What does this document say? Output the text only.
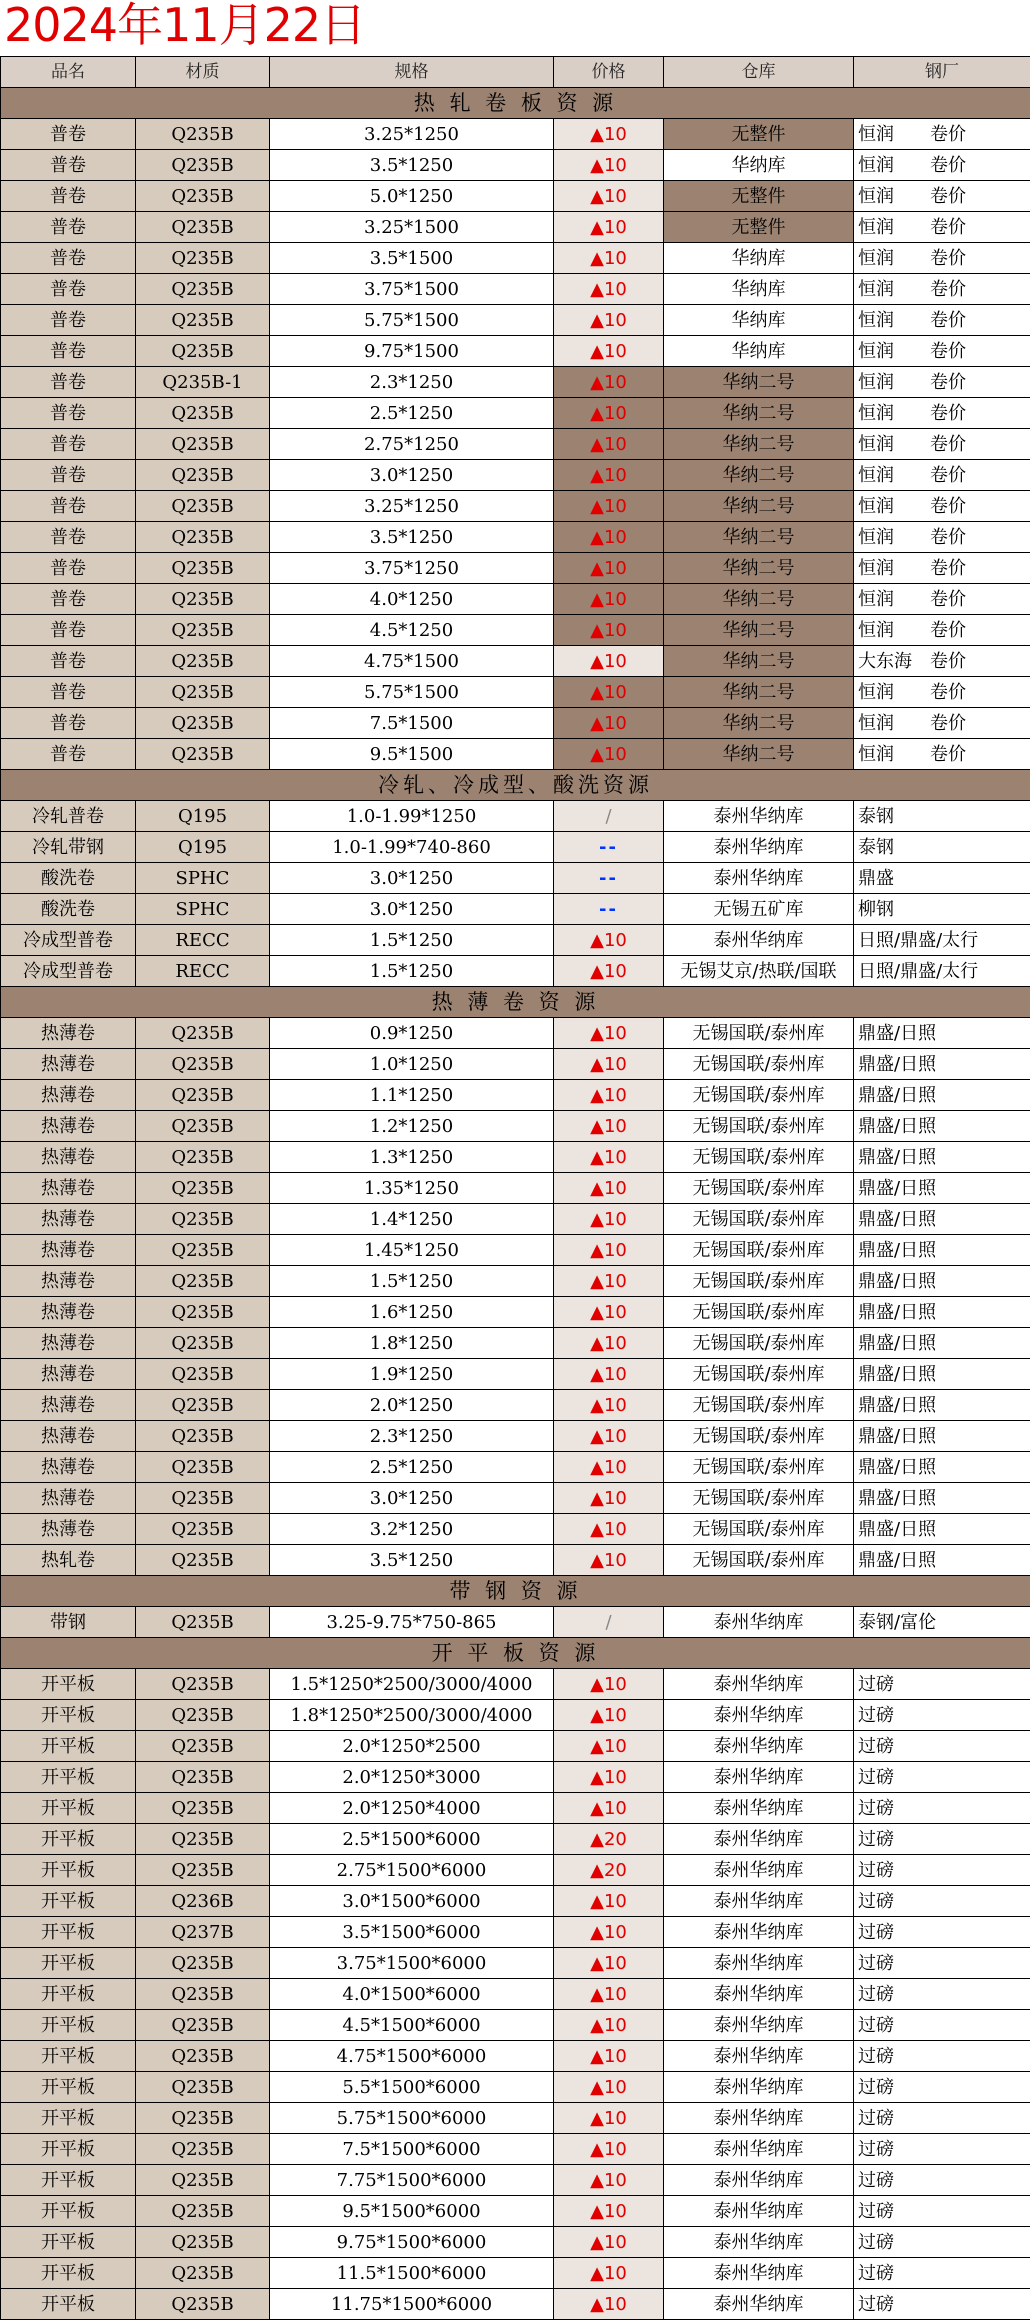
2024年11月22日
品名	材质	规格	价格	仓库	钢厂
热 轧 卷 板 资 源					
普卷	Q235B	3.25*1250	▲10	无整件	恒润　　卷价
普卷	Q235B	3.5*1250	▲10	华纳库	恒润　　卷价
普卷	Q235B	5.0*1250	▲10	无整件	恒润　　卷价
普卷	Q235B	3.25*1500	▲10	无整件	恒润　　卷价
普卷	Q235B	3.5*1500	▲10	华纳库	恒润　　卷价
普卷	Q235B	3.75*1500	▲10	华纳库	恒润　　卷价
普卷	Q235B	5.75*1500	▲10	华纳库	恒润　　卷价
普卷	Q235B	9.75*1500	▲10	华纳库	恒润　　卷价
普卷	Q235B-1	2.3*1250	▲10	华纳二号	恒润　　卷价
普卷	Q235B	2.5*1250	▲10	华纳二号	恒润　　卷价
普卷	Q235B	2.75*1250	▲10	华纳二号	恒润　　卷价
普卷	Q235B	3.0*1250	▲10	华纳二号	恒润　　卷价
普卷	Q235B	3.25*1250	▲10	华纳二号	恒润　　卷价
普卷	Q235B	3.5*1250	▲10	华纳二号	恒润　　卷价
普卷	Q235B	3.75*1250	▲10	华纳二号	恒润　　卷价
普卷	Q235B	4.0*1250	▲10	华纳二号	恒润　　卷价
普卷	Q235B	4.5*1250	▲10	华纳二号	恒润　　卷价
普卷	Q235B	4.75*1500	▲10	华纳二号	大东海　卷价
普卷	Q235B	5.75*1500	▲10	华纳二号	恒润　　卷价
普卷	Q235B	7.5*1500	▲10	华纳二号	恒润　　卷价
普卷	Q235B	9.5*1500	▲10	华纳二号	恒润　　卷价
冷轧、冷成型、酸洗资源					
冷轧普卷	Q195	1.0-1.99*1250	/	泰州华纳库	泰钢
冷轧带钢	Q195	1.0-1.99*740-860	--	泰州华纳库	泰钢
酸洗卷	SPHC	3.0*1250	--	泰州华纳库	鼎盛
酸洗卷	SPHC	3.0*1250	--	无锡五矿库	柳钢
冷成型普卷	RECC	1.5*1250	▲10	泰州华纳库	日照/鼎盛/太行
冷成型普卷	RECC	1.5*1250	▲10	无锡艾京/热联/国联	日照/鼎盛/太行
热 薄 卷 资 源					
热薄卷	Q235B	0.9*1250	▲10	无锡国联/泰州库	鼎盛/日照
热薄卷	Q235B	1.0*1250	▲10	无锡国联/泰州库	鼎盛/日照
热薄卷	Q235B	1.1*1250	▲10	无锡国联/泰州库	鼎盛/日照
热薄卷	Q235B	1.2*1250	▲10	无锡国联/泰州库	鼎盛/日照
热薄卷	Q235B	1.3*1250	▲10	无锡国联/泰州库	鼎盛/日照
热薄卷	Q235B	1.35*1250	▲10	无锡国联/泰州库	鼎盛/日照
热薄卷	Q235B	1.4*1250	▲10	无锡国联/泰州库	鼎盛/日照
热薄卷	Q235B	1.45*1250	▲10	无锡国联/泰州库	鼎盛/日照
热薄卷	Q235B	1.5*1250	▲10	无锡国联/泰州库	鼎盛/日照
热薄卷	Q235B	1.6*1250	▲10	无锡国联/泰州库	鼎盛/日照
热薄卷	Q235B	1.8*1250	▲10	无锡国联/泰州库	鼎盛/日照
热薄卷	Q235B	1.9*1250	▲10	无锡国联/泰州库	鼎盛/日照
热薄卷	Q235B	2.0*1250	▲10	无锡国联/泰州库	鼎盛/日照
热薄卷	Q235B	2.3*1250	▲10	无锡国联/泰州库	鼎盛/日照
热薄卷	Q235B	2.5*1250	▲10	无锡国联/泰州库	鼎盛/日照
热薄卷	Q235B	3.0*1250	▲10	无锡国联/泰州库	鼎盛/日照
热薄卷	Q235B	3.2*1250	▲10	无锡国联/泰州库	鼎盛/日照
热轧卷	Q235B	3.5*1250	▲10	无锡国联/泰州库	鼎盛/日照
带 钢 资 源					
带钢	Q235B	3.25-9.75*750-865	/	泰州华纳库	泰钢/富伦
开 平 板 资 源					
开平板	Q235B	1.5*1250*2500/3000/4000	▲10	泰州华纳库	过磅
开平板	Q235B	1.8*1250*2500/3000/4000	▲10	泰州华纳库	过磅
开平板	Q235B	2.0*1250*2500	▲10	泰州华纳库	过磅
开平板	Q235B	2.0*1250*3000	▲10	泰州华纳库	过磅
开平板	Q235B	2.0*1250*4000	▲10	泰州华纳库	过磅
开平板	Q235B	2.5*1500*6000	▲20	泰州华纳库	过磅
开平板	Q235B	2.75*1500*6000	▲20	泰州华纳库	过磅
开平板	Q236B	3.0*1500*6000	▲10	泰州华纳库	过磅
开平板	Q237B	3.5*1500*6000	▲10	泰州华纳库	过磅
开平板	Q235B	3.75*1500*6000	▲10	泰州华纳库	过磅
开平板	Q235B	4.0*1500*6000	▲10	泰州华纳库	过磅
开平板	Q235B	4.5*1500*6000	▲10	泰州华纳库	过磅
开平板	Q235B	4.75*1500*6000	▲10	泰州华纳库	过磅
开平板	Q235B	5.5*1500*6000	▲10	泰州华纳库	过磅
开平板	Q235B	5.75*1500*6000	▲10	泰州华纳库	过磅
开平板	Q235B	7.5*1500*6000	▲10	泰州华纳库	过磅
开平板	Q235B	7.75*1500*6000	▲10	泰州华纳库	过磅
开平板	Q235B	9.5*1500*6000	▲10	泰州华纳库	过磅
开平板	Q235B	9.75*1500*6000	▲10	泰州华纳库	过磅
开平板	Q235B	11.5*1500*6000	▲10	泰州华纳库	过磅
开平板	Q235B	11.75*1500*6000	▲10	泰州华纳库	过磅
